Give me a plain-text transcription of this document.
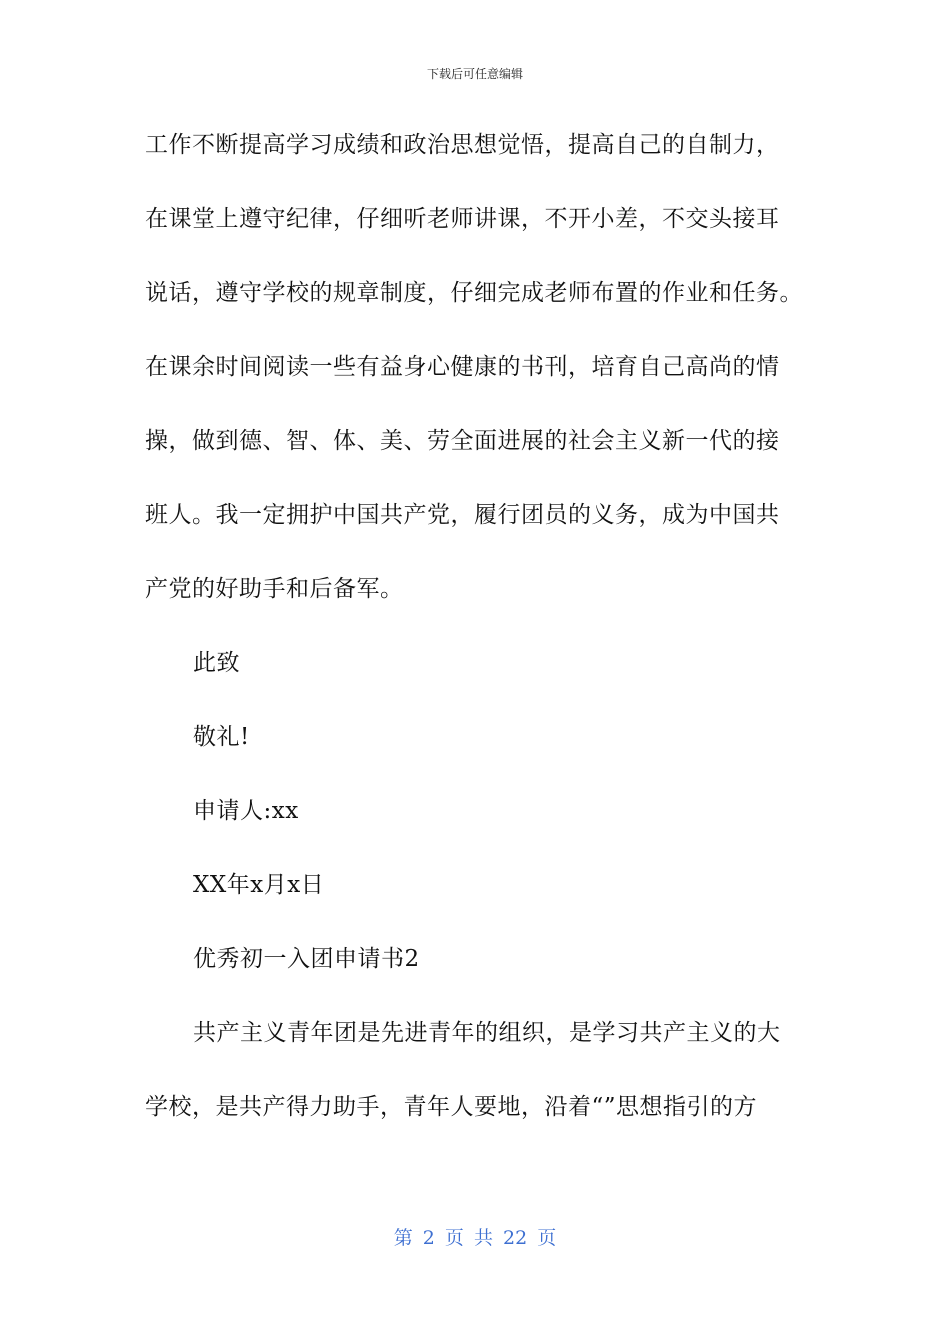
下载后可任意编辑
工作不断提高学习成绩和政治思想觉悟，提高自己的自制力，
在课堂上遵守纪律，仔细听老师讲课，不开小差，不交头接耳
说话，遵守学校的规章制度，仔细完成老师布置的作业和任务。
在课余时间阅读一些有益身心健康的书刊，培育自己高尚的情
操，做到德、智、体、美、劳全面进展的社会主义新一代的接
班人。我一定拥护中国共产党，履行团员的义务，成为中国共
产党的好助手和后备军。
此致
敬礼!
申请人:xx
XX年x月x日
优秀初一入团申请书2
共产主义青年团是先进青年的组织，是学习共产主义的大
学校，是共产得力助手，青年人要地，沿着“”思想指引的方
第 2 页 共 22 页
